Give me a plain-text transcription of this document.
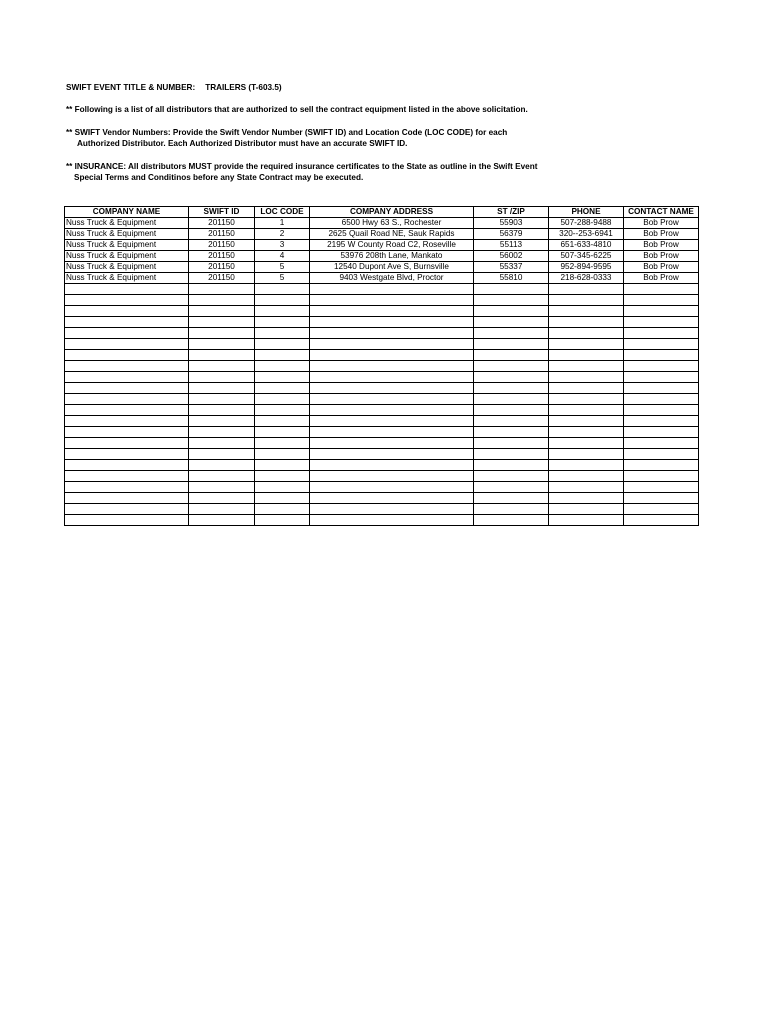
SWIFT EVENT TITLE & NUMBER: TRAILERS (T-603.5)
** Following is a list of all distributors that are authorized to sell the contract equipment listed in the above solicitation.
** SWIFT Vendor Numbers: Provide the Swift Vendor Number (SWIFT ID) and Location Code (LOC CODE) for each
Authorized Distributor. Each Authorized Distributor must have an accurate SWIFT ID.
** INSURANCE: All distributors MUST provide the required insurance certificates to the State as outline in the Swift Event
Special Terms and Conditinos before any State Contract may be executed.
COMPANY NAME	SWIFT ID	LOC CODE	COMPANY ADDRESS	ST /ZIP	PHONE	CONTACT NAME
Nuss Truck & Equipment	201150	1	6500 Hwy 63 S., Rochester	55903	507-288-9488	Bob Prow
Nuss Truck & Equipment	201150	2	2625 Quail Road NE, Sauk Rapids	56379	320--253-6941	Bob Prow
Nuss Truck & Equipment	201150	3	2195 W County Road C2, Roseville	55113	651-633-4810	Bob Prow
Nuss Truck & Equipment	201150	4	53976 208th Lane, Mankato	56002	507-345-6225	Bob Prow
Nuss Truck & Equipment	201150	5	12540 Dupont Ave S, Burnsville	55337	952-894-9595	Bob Prow
Nuss Truck & Equipment	201150	5	9403 Westgate Blvd, Proctor	55810	218-628-0333	Bob Prow
